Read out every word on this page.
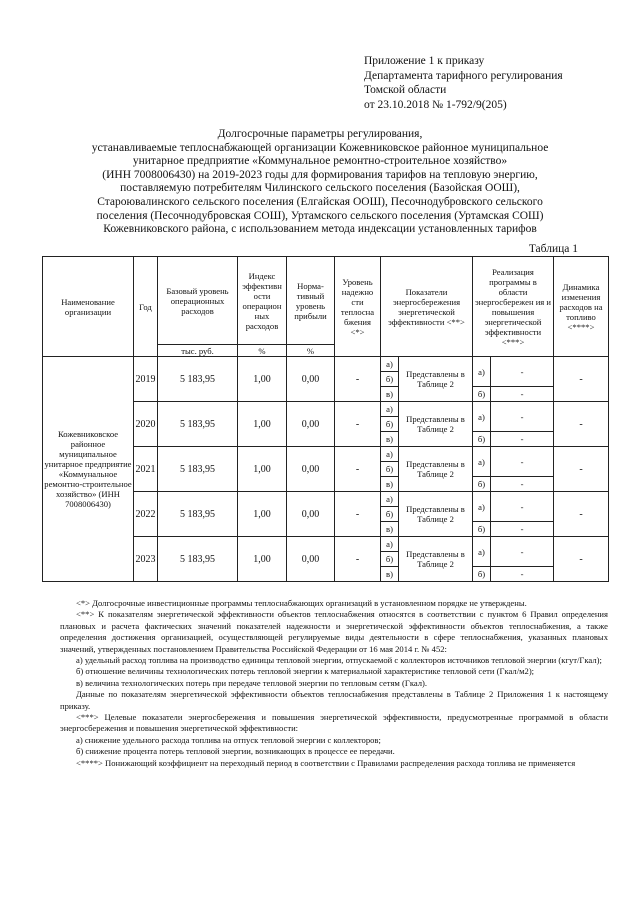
Приложение 1 к приказу
Департамента тарифного регулирования
Томской области
от 23.10.2018 № 1-792/9(205)
Долгосрочные параметры регулирования,
устанавливаемые теплоснабжающей организации Кожевниковское районное муниципальное
унитарное предприятие «Коммунальное ремонтно-строительное хозяйство»
(ИНН 7008006430) на 2019-2023 годы для формирования тарифов на тепловую энергию,
поставляемую потребителям Чилинского сельского поселения (Базойская ООШ),
Староювалинского сельского поселения (Елгайская ООШ), Песочнодубровского сельского
поселения (Песочнодубровская СОШ), Уртамского сельского поселения (Уртамская СОШ)
Кожевниковского района, с использованием метода индексации установленных тарифов
Таблица 1
Наименование организации	Год	Базовый уровень операционных расходов	Индекс эффективн ости операцион ных расходов	Норма-тивный уровень прибыли	Уровень надежно сти теплосна бжения <*>	Показатели энергосбережения энергетической эффективности <**>		Реализация программы в области энергосбережен ия и повышения энергетической эффективности <***>		Динамика изменения расходов на топливо <****>
		тыс. руб.	%	%						
Кожевниковское районное муниципальное унитарное предприятие «Коммунальное ремонтно-строительное хозяйство» (ИНН 7008006430)	2019	5 183,95	1,00	0,00	-	а)	Представлены в Таблице 2	а)	-	-
						б)				
						в)		б)	-	
	2020	5 183,95	1,00	0,00	-	а)	Представлены в Таблице 2	а)	-	-
						б)				
						в)		б)	-	
	2021	5 183,95	1,00	0,00	-	а)	Представлены в Таблице 2	а)	-	-
						б)				
						в)		б)	-	
	2022	5 183,95	1,00	0,00	-	а)	Представлены в Таблице 2	а)	-	-
						б)				
						в)		б)	-	
	2023	5 183,95	1,00	0,00	-	а)	Представлены в Таблице 2	а)	-	-
						б)				
						в)		б)	-	

<*> Долгосрочные инвестиционные программы теплоснабжающих организаций в установленном порядке не утверждены.

<**> К показателям энергетической эффективности объектов теплоснабжения относятся в соответствии с пунктом 6 Правил определения плановых и расчета фактических значений показателей надежности и энергетической эффективности объектов теплоснабжения, а также определения достижения организацией, осуществляющей регулируемые виды деятельности в сфере теплоснабжения, указанных плановых значений, утвержденных постановлением Правительства Российской Федерации от 16 мая 2014 г. № 452:

а) удельный расход топлива на производство единицы тепловой энергии, отпускаемой с коллекторов источников тепловой энергии (кгут/Гкал);

б) отношение величины технологических потерь тепловой энергии к материальной характеристике тепловой сети (Гкал/м2);

в) величина технологических потерь при передаче тепловой энергии по тепловым сетям (Гкал).

Данные по показателям энергетической эффективности объектов теплоснабжения представлены в Таблице 2 Приложения 1 к настоящему приказу.

<***> Целевые показатели энергосбережения и повышения энергетической эффективности, предусмотренные программой в области энергосбережения и повышения энергетической эффективности:

а) снижение удельного расхода топлива на отпуск тепловой энергии с коллекторов;

б) снижение процента потерь тепловой энергии, возникающих в процессе ее передачи.

<****> Понижающий коэффициент на переходный период в соответствии с Правилами распределения расхода топлива не применяется
